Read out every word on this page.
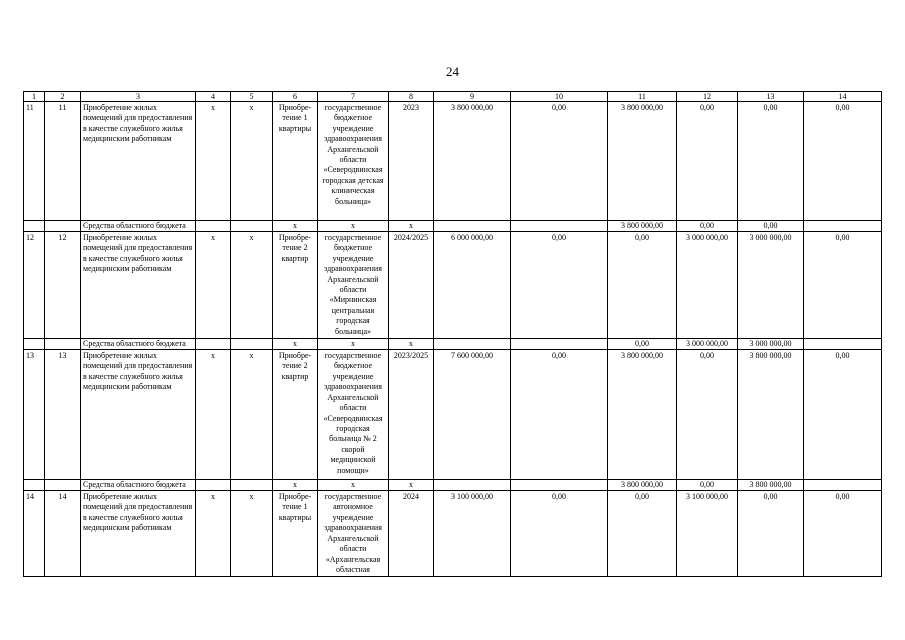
24
1	2	3	4	5	6	7	8	9	10	11	12	13	14
11	11	Приобретение жилых помещений для предоставления в качестве служебного жилья медицинским работникам	х	х	Приобре-тение 1 квартиры	государственное бюджетное учреждение здравоохранения Архангельской области «Северодвинская городская детская клиническая больница»	2023	3 800 000,00	0,00	3 800 000,00	0,00	0,00	0,00
		Средства областного бюджета			х	х	х			3 800 000,00	0,00	0,00	
12	12	Приобретение жилых помещений для предоставления в качестве служебного жилья медицинским работникам	х	х	Приобре-тение 2 квартир	государственное бюджетное учреждение здравоохранения Архангельской области «Мирнинская центральная городская больница»	2024/2025	6 000 000,00	0,00	0,00	3 000 000,00	3 000 000,00	0,00
		Средства областного бюджета			х	х	х			0,00	3 000 000,00	3 000 000,00	
13	13	Приобретение жилых помещений для предоставления в качестве служебного жилья медицинским работникам	х	х	Приобре-тение 2 квартир	государственное бюджетное учреждение здравоохранения Архангельской области «Северодвинская городская больница № 2 скорой медицинской помощи»	2023/2025	7 600 000,00	0,00	3 800 000,00	0,00	3 800 000,00	0,00
		Средства областного бюджета			х	х	х			3 800 000,00	0,00	3 800 000,00	
14	14	Приобретение жилых помещений для предоставления в качестве служебного жилья медицинским работникам	х	х	Приобре-тение 1 квартиры	государственное автономное учреждение здравоохранения Архангельской области «Архангельская областная	2024	3 100 000,00	0,00	0,00	3 100 000,00	0,00	0,00
